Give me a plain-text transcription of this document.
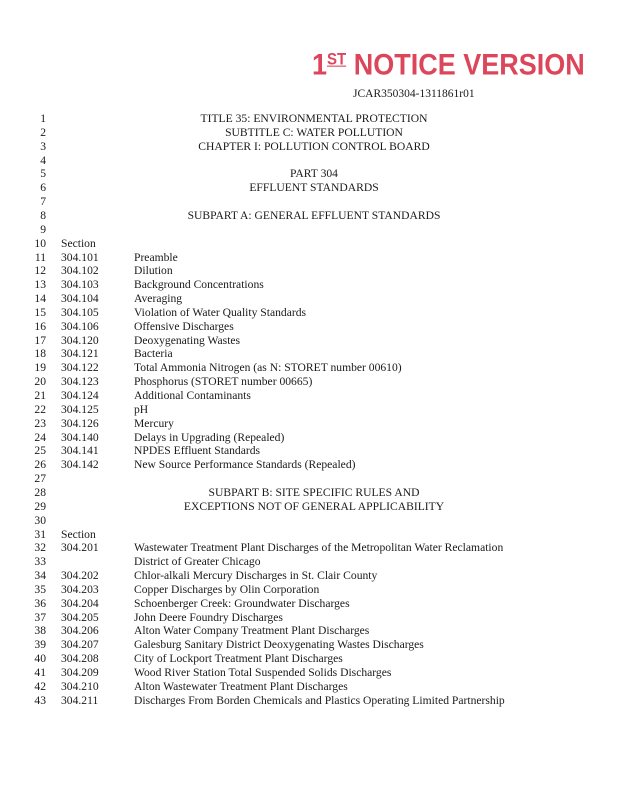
1ST NOTICE VERSION
JCAR350304-1311861r01
1	TITLE 35: ENVIRONMENTAL PROTECTION
2	SUBTITLE C: WATER POLLUTION
3	CHAPTER I: POLLUTION CONTROL BOARD
4
5	PART 304
6	EFFLUENT STANDARDS
7
8	SUBPART A: GENERAL EFFLUENT STANDARDS
9
10 Section
11 304.101	Preamble
12 304.102	Dilution
13 304.103	Background Concentrations
14 304.104	Averaging
15 304.105	Violation of Water Quality Standards
16 304.106	Offensive Discharges
17 304.120	Deoxygenating Wastes
18 304.121	Bacteria
19 304.122	Total Ammonia Nitrogen (as N: STORET number 00610)
20 304.123	Phosphorus (STORET number 00665)
21 304.124	Additional Contaminants
22 304.125	pH
23 304.126	Mercury
24 304.140	Delays in Upgrading (Repealed)
25 304.141	NPDES Effluent Standards
26 304.142	New Source Performance Standards (Repealed)
27
28	SUBPART B: SITE SPECIFIC RULES AND
29	EXCEPTIONS NOT OF GENERAL APPLICABILITY
30
31 Section
32 304.201	Wastewater Treatment Plant Discharges of the Metropolitan Water Reclamation
33	District of Greater Chicago
34 304.202	Chlor-alkali Mercury Discharges in St. Clair County
35 304.203	Copper Discharges by Olin Corporation
36 304.204	Schoenberger Creek: Groundwater Discharges
37 304.205	John Deere Foundry Discharges
38 304.206	Alton Water Company Treatment Plant Discharges
39 304.207	Galesburg Sanitary District Deoxygenating Wastes Discharges
40 304.208	City of Lockport Treatment Plant Discharges
41 304.209	Wood River Station Total Suspended Solids Discharges
42 304.210	Alton Wastewater Treatment Plant Discharges
43 304.211	Discharges From Borden Chemicals and Plastics Operating Limited Partnership
